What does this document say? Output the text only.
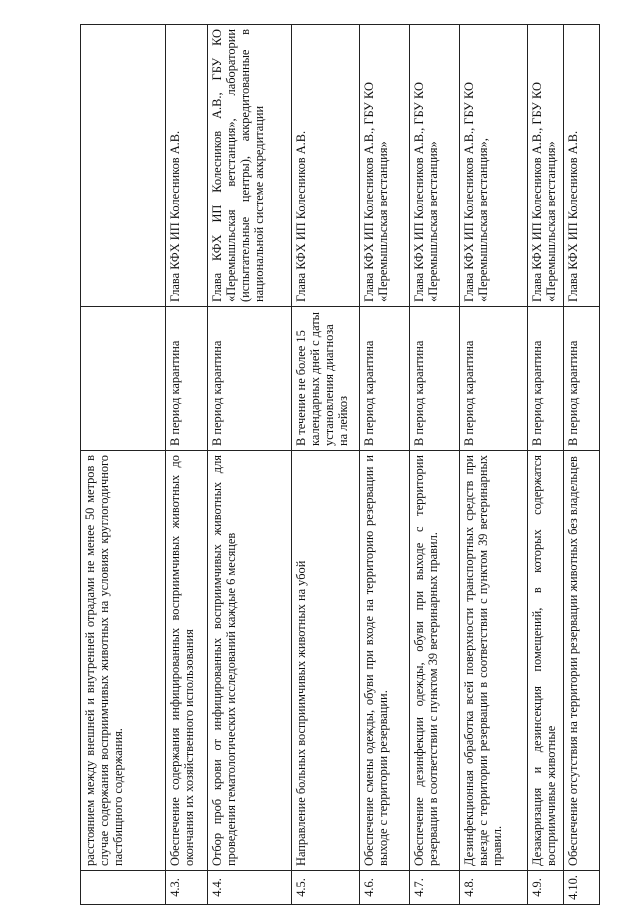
	расстоянием между внешней и внутренней отрадами не менее 50 метров в случае содержания восприимчивых животных на условиях круглогодичного пастбищного содержания.		
4.3.	Обеспечение содержания инфицированных восприимчивых животных до окончания их хозяйственного использования	В период карантина	Глава КФХ ИП Колесников А.В.
4.4.	Отбор проб крови от инфицированных восприимчивых животных для проведения гематологических исследований каждые 6 месяцев	В период карантина	Глава КФХ ИП Колесников А.В., ГБУ КО «Перемышльская ветстанция», лаборатории (испытательные центры), аккредитованные в национальной системе аккредитации
4.5.	Направление больных восприимчивых животных на убой	В течение не более 15 календарных дней с даты установления диагноза на лейкоз	Глава КФХ ИП Колесников А.В.
4.6.	Обеспечение смены одежды, обуви при входе на территорию резервации и выходе с территории резервации.	В период карантина	Глава КФХ ИП Колесников А.В., ГБУ КО «Перемышльская ветстанция»
4.7.	Обеспечение дезинфекции одежды, обуви при выходе с территории резервации в соответствии с пунктом 39 ветеринарных правил.	В период карантина	Глава КФХ ИП Колесников А.В., ГБУ КО «Перемышльская ветстанция»
4.8.	Дезинфекционная обработка всей поверхности транспортных средств при выезде с территории резервации в соответствии с пунктом 39 ветеринарных правил.	В период карантина	Глава КФХ ИП Колесников А.В., ГБУ КО «Перемышльская ветстанция»,
4.9.	Дезакаризация и дезинсекция помещений, в которых содержатся восприимчивые животные	В период карантина	Глава КФХ ИП Колесников А.В., ГБУ КО «Перемышльская ветстанция»
4.10.	Обеспечение отсутствия на территории резервации животных без владельцев	В период карантина	Глава КФХ ИП Колесников А.В.
